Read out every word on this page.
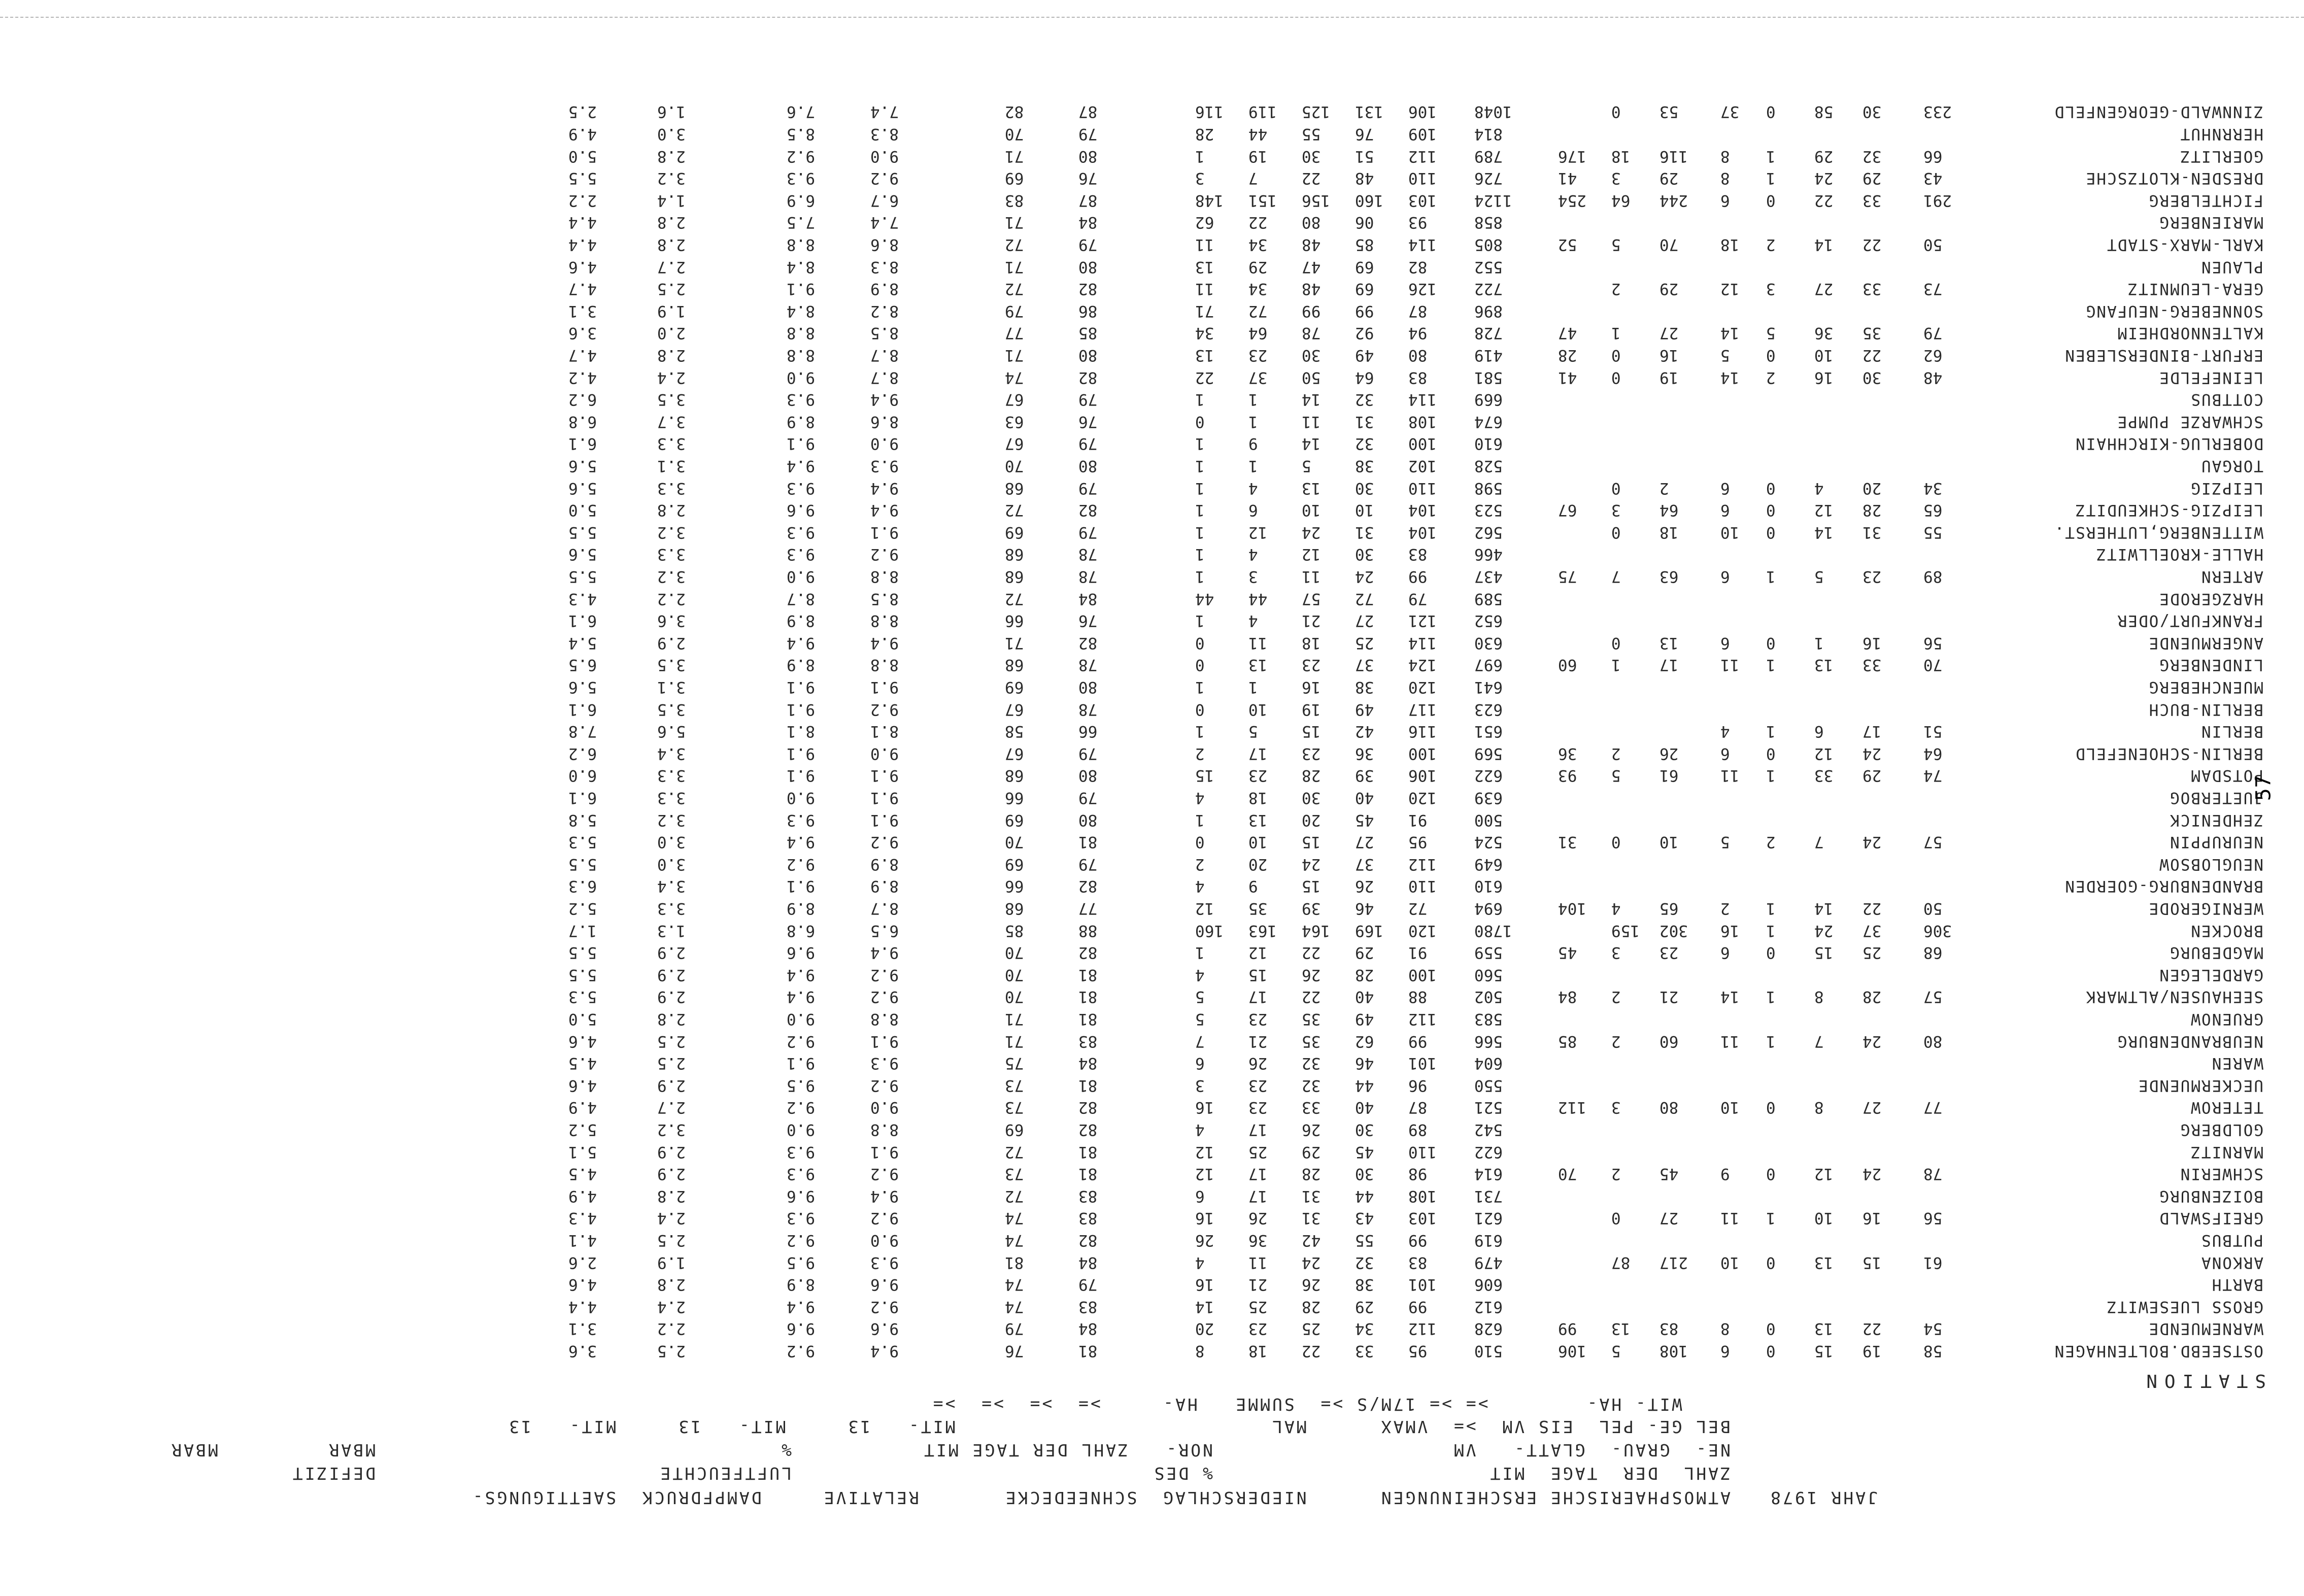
JAHR 1978
ATMOSPHAERISCHE ERSCHEINUNGEN      NIEDERSCHLAG  SCHNEEDECKE       RELATIVE     DAMPFDRUCK  SAETTIGUNGS-
ZAHL  DER  TAGE  MIT
% DES
LUFTFEUCHTE
DEFIZIT
NE-  GRAU-  GLATT-   VM
NOR-   ZAHL DER TAGE MIT
%
MBAR         MBAR
BEL GE- PEL  EIS VM  >=  VMAX      MAL                          MIT-   13     MIT-   13     MIT-   13
WIT- HA-        >= >= 17M/S >=  SUMME   HA-     >=  >=  >=  >=
STATION
OSTSEEBD.BOLTENHAGEN
58
19
15
0
6
108
5
106
510
95
33
22
18
8
81
76
9.4
9.2
2.5
3.6
WARNEMUENDE
54
22
13
0
8
83
13
99
628
112
34
25
23
20
84
79
9.6
9.6
2.2
3.1
GROSS LUESEWITZ
612
99
29
28
25
14
83
74
9.2
9.4
2.4
4.4
BARTH
606
101
38
26
21
16
79
74
9.6
8.9
2.8
4.6
ARKONA
61
15
13
0
10
217
87
479
83
32
24
11
4
84
81
9.3
9.5
1.9
2.6
PUTBUS
619
99
55
42
36
26
82
74
9.0
9.2
2.5
4.1
GREIFSWALD
56
16
10
1
11
27
0
621
103
43
31
26
16
83
74
9.2
9.3
2.4
4.3
BOIZENBURG
731
108
44
31
17
6
83
72
9.4
9.6
2.8
4.9
SCHWERIN
78
24
12
0
9
45
2
70
614
98
30
28
17
12
81
73
9.2
9.3
2.9
4.5
MARNITZ
622
110
45
29
25
12
81
72
9.1
9.3
2.9
5.1
GOLDBERG
542
89
30
26
17
4
82
69
8.8
9.0
3.2
5.2
TETEROW
77
27
8
0
10
80
3
112
521
87
40
33
23
16
82
73
9.0
9.2
2.7
4.9
UECKERMUENDE
550
96
44
32
23
3
81
73
9.2
9.5
2.9
4.6
WAREN
604
101
46
32
26
6
84
75
9.3
9.1
2.5
4.5
NEUBRANDENBURG
80
24
7
1
11
60
2
85
566
99
62
35
21
7
83
71
9.1
9.2
2.5
4.6
GRUENOW
583
112
49
35
23
5
81
71
8.8
9.0
2.8
5.0
SEEHAUSEN/ALTMARK
57
28
8
1
14
21
2
84
502
88
40
22
17
5
81
70
9.2
9.4
2.9
5.3
GARDELEGEN
560
100
28
26
15
4
81
70
9.2
9.4
2.9
5.5
MAGDEBURG
68
25
15
0
6
23
3
45
559
91
29
22
12
1
82
70
9.4
9.6
2.9
5.5
BROCKEN
306
37
24
1
16
302
159
1780
120
169
164
163
160
88
85
6.5
6.8
1.3
1.7
WERNIGERODE
50
22
14
1
2
65
4
104
694
72
46
39
35
12
77
68
8.7
8.9
3.3
5.2
BRANDENBURG-GOERDEN
610
110
26
15
9
4
82
66
8.9
9.1
3.4
6.3
NEUGLOBSOW
649
112
37
24
20
2
79
69
8.9
9.2
3.0
5.5
NEURUPPIN
57
24
7
2
5
10
0
31
524
95
27
15
10
0
81
70
9.2
9.4
3.0
5.3
ZEHDENICK
500
91
45
20
13
1
80
69
9.1
9.3
3.2
5.8
JUETERBOG
639
120
40
30
18
4
79
66
9.1
9.0
3.3
6.1
POTSDAM
74
29
33
1
11
61
5
93
622
106
39
28
23
15
80
68
9.1
9.1
3.3
6.0
BERLIN-SCHOENEFELD
64
24
12
0
6
26
2
36
569
100
36
23
17
2
79
67
9.0
9.1
3.4
6.2
BERLIN
51
17
6
1
4
651
116
42
15
5
1
66
58
8.1
8.1
5.6
7.8
BERLIN-BUCH
623
117
49
19
10
0
78
67
9.2
9.1
3.5
6.1
MUENCHEBERG
641
120
38
16
1
1
80
69
9.1
9.1
3.1
5.6
LINDENBERG
70
33
13
1
11
17
1
60
697
124
37
23
13
0
78
68
8.8
8.9
3.5
6.5
ANGERMUENDE
56
16
1
0
6
13
0
630
114
25
18
11
0
82
71
9.4
9.4
2.9
5.4
FRANKFURT/ODER
652
121
27
21
4
1
76
66
8.8
8.9
3.6
6.1
HARZGERODE
589
79
72
57
44
44
84
72
8.5
8.7
2.2
4.3
ARTERN
89
23
5
1
6
63
7
75
437
99
24
11
3
1
78
68
8.8
9.0
3.2
5.5
HALLE-KROELLWITZ
466
83
30
12
4
1
78
68
9.2
9.3
3.3
5.6
WITTENBERG,LUTHERST.
55
31
14
0
10
18
0
562
104
31
24
12
1
79
69
9.1
9.3
3.2
5.5
LEIPZIG-SCHKEUDITZ
65
28
12
0
6
64
3
67
523
104
10
10
6
1
82
72
9.4
9.6
2.8
5.0
LEIPZIG
34
20
4
0
6
2
0
598
110
30
13
4
1
79
68
9.4
9.3
3.3
5.6
TORGAU
528
102
38
5
1
1
80
70
9.3
9.4
3.1
5.6
DOBERLUG-KIRCHHAIN
610
100
32
14
9
1
79
67
9.0
9.1
3.3
6.1
SCHWARZE PUMPE
674
108
31
11
1
0
76
63
8.6
8.9
3.7
6.8
COTTBUS
669
114
32
14
1
1
79
67
9.4
9.3
3.5
6.2
LEINEFELDE
48
30
16
2
14
19
0
41
581
83
64
50
37
22
82
74
8.7
9.0
2.4
4.2
ERFURT-BINDERSLEBEN
62
22
10
0
5
16
0
28
419
80
49
30
23
13
80
71
8.7
8.8
2.8
4.7
KALTENNORDHEIM
79
35
36
5
14
27
1
47
728
94
92
78
64
34
85
77
8.5
8.8
2.0
3.6
SONNEBERG-NEUFANG
896
87
99
99
72
71
86
79
8.2
8.4
1.9
3.1
GERA-LEUMNITZ
73
33
27
3
12
29
2
722
126
69
48
34
11
82
72
8.9
9.1
2.5
4.7
PLAUEN
552
82
69
47
29
13
80
71
8.3
8.4
2.7
4.6
KARL-MARX-STADT
50
22
14
2
18
70
5
52
805
114
85
48
34
11
79
72
8.6
8.8
2.8
4.4
MARIENBERG
858
93
06
80
22
62
84
71
7.4
7.5
2.8
4.4
FICHTELBERG
291
33
22
0
6
244
64
254
1124
103
160
156
151
148
87
83
6.7
6.9
1.4
2.2
DRESDEN-KLOTZSCHE
43
29
24
1
8
29
3
41
726
110
48
22
7
3
76
69
9.2
9.3
3.2
5.5
GOERLITZ
66
32
29
1
8
116
18
176
789
112
51
30
19
1
80
71
9.0
9.2
2.8
5.0
HERRNHUT
814
109
76
55
44
28
79
70
8.3
8.5
3.0
4.9
ZINNWALD-GEORGENFELD
233
30
58
0
37
53
0
1048
106
131
125
119
116
87
82
7.4
7.6
1.6
2.5
57
